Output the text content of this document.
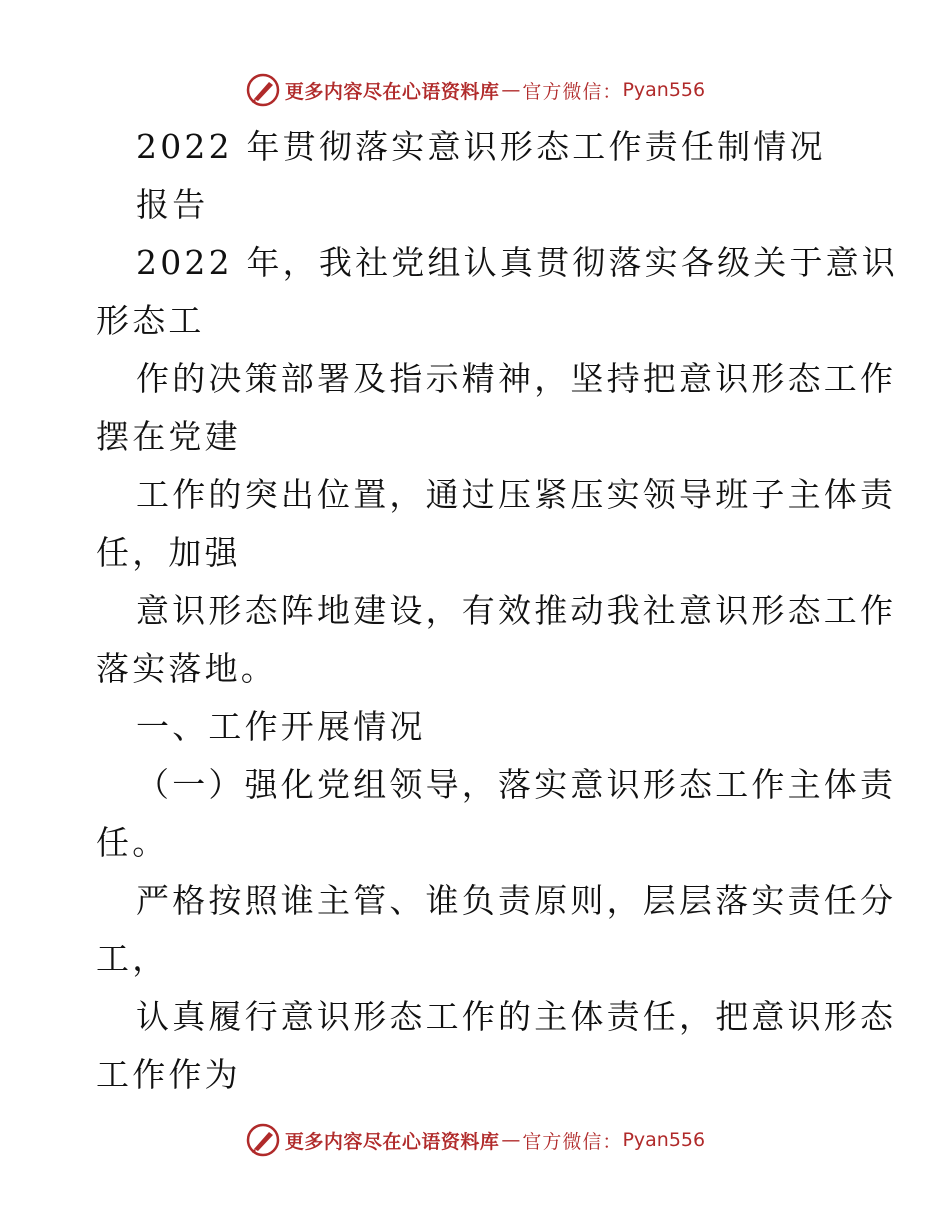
更多内容尽在心语资料库 — 官方微信： Pyan556
2022 年贯彻落实意识形态工作责任制情况
报告
2022 年，我社党组认真贯彻落实各级关于意识
形态工
作的决策部署及指示精神，坚持把意识形态工作
摆在党建
工作的突出位置，通过压紧压实领导班子主体责
任，加强
意识形态阵地建设，有效推动我社意识形态工作
落实落地。
一、工作开展情况
（一）强化党组领导，落实意识形态工作主体责
任。
严格按照谁主管、谁负责原则，层层落实责任分
工，
认真履行意识形态工作的主体责任，把意识形态
工作作为
更多内容尽在心语资料库 — 官方微信： Pyan556
